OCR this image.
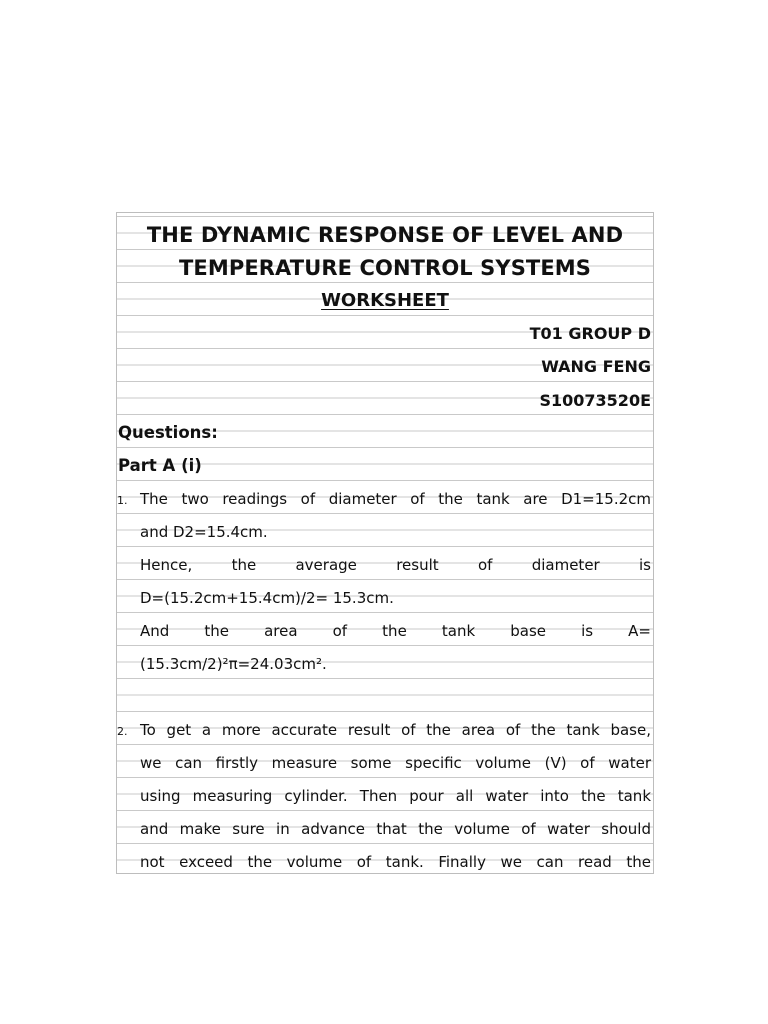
THE DYNAMIC RESPONSE OF LEVEL AND
TEMPERATURE CONTROL SYSTEMS
WORKSHEET
T01 GROUP D
WANG FENG
S10073520E
Questions:
Part A (i)
1. The two readings of diameter of the tank are D1=15.2cm
and D2=15.4cm.
Hence, the average result of diameter is
D=(15.2cm+15.4cm)/2= 15.3cm.
And the area of the tank base is A=
(15.3cm/2)²π=24.03cm².
2. To get a more accurate result of the area of the tank base,
we can firstly measure some specific volume (V) of water
using measuring cylinder. Then pour all water into the tank
and make sure in advance that the volume of water should
not exceed the volume of tank. Finally we can read the
